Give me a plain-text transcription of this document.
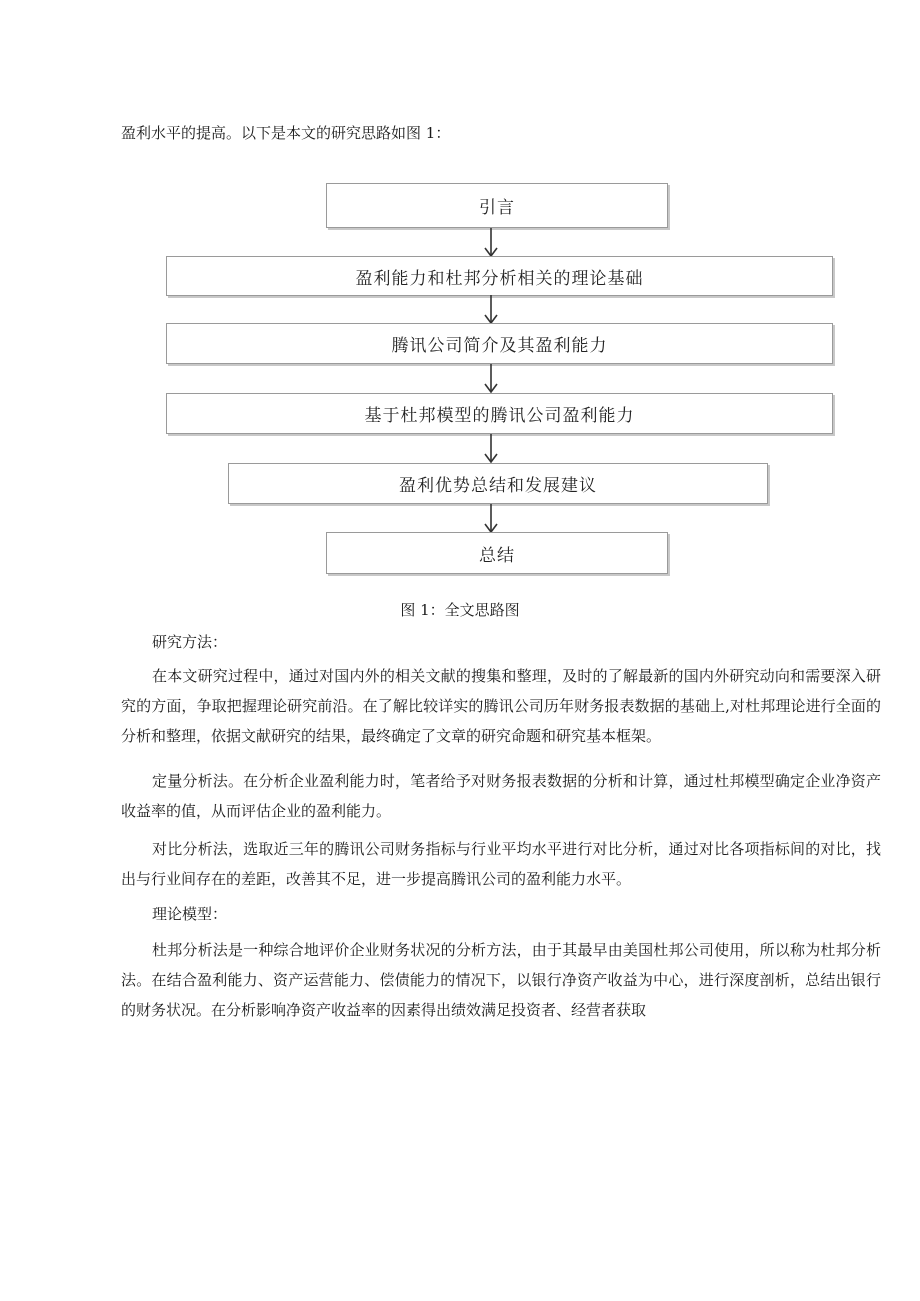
盈利水平的提高。以下是本文的研究思路如图 1：

引言
盈利能力和杜邦分析相关的理论基础
腾讯公司简介及其盈利能力
基于杜邦模型的腾讯公司盈利能力
盈利优势总结和发展建议
总结

图 1：全文思路图

研究方法：

在本文研究过程中，通过对国内外的相关文献的搜集和整理，及时的了解最新的国内外研究动向和需要深入研究的方面，争取把握理论研究前沿。在了解比较详实的腾讯公司历年财务报表数据的基础上,对杜邦理论进行全面的分析和整理，依据文献研究的结果，最终确定了文章的研究命题和研究基本框架。

定量分析法。在分析企业盈利能力时，笔者给予对财务报表数据的分析和计算，通过杜邦模型确定企业净资产收益率的值，从而评估企业的盈利能力。

对比分析法，选取近三年的腾讯公司财务指标与行业平均水平进行对比分析，通过对比各项指标间的对比，找出与行业间存在的差距，改善其不足，进一步提高腾讯公司的盈利能力水平。

理论模型：

杜邦分析法是一种综合地评价企业财务状况的分析方法，由于其最早由美国杜邦公司使用，所以称为杜邦分析法。在结合盈利能力、资产运营能力、偿债能力的情况下，以银行净资产收益为中心，进行深度剖析，总结出银行的财务状况。在分析影响净资产收益率的因素得出绩效满足投资者、经营者获取
